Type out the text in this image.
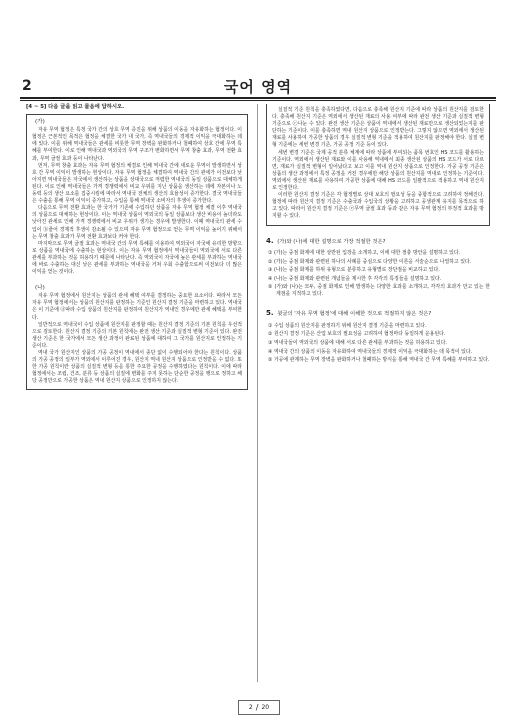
2	국어 영역
[4 ~ 5] 다음 글을 읽고 물음에 답하시오.
(가)

자유 무역 협정은 특정 국가 간의 상호 무역 증진을 위해 상품의 이동을 자유화하는 협정이다. 이 협정은 근본적인 목적은 협정을 체결한 국가 내 국가, 즉 역내국들의 경제적 이익을 극대화하는 데에 있다. 이를 위해 역내국들은 관세를 비롯한 무역 장벽을 완화하거나 철폐하여 상호 간에 무역 특혜를 부여한다. 이로 인해 역내국과 역외국의 무역 구조가 변화하면서 무역 창출 효과, 무역 전환 효과, 무역 굴절 효과 등이 나타난다.

먼저, 무역 창출 효과는 자유 무역 협정의 체결로 인해 역내국 간에 새로운 무역이 발생하면서 상호 간 무역 이익이 발생하는 현상이다. 자유 무역 협정을 체결하여 역내국 간의 관세가 이전보다 낮아지면 역내국들은 자국에서 생산하는 상품을 상대국으로 저렴한 역내국의 동일 상품으로 대체하게 된다. 이로 인해 역내국들은 가격 경쟁력에서 비교 우위를 지닌 상품을 생산하는 데에 자본이나 노동력 등의 생산 요소를 집중시킴에 따라서 역내국 전체의 생산의 효율성이 증가한다. 결국 역내국들은 수출을 통해 무역 이익이 증가하고, 수입을 통해 역내국 소비자의 후생이 증가한다.

다음으로 무역 전환 효과는 한 국가가 기존에 수입하던 상품을 자유 무역 협정 체결 이후 역내국의 상품으로 대체하는 현상이다. 이는 역내국 상품이 역외국의 동일 상품보다 생산 비용이 높더라도 낮아진 관세로 인해 가격 경쟁력에서 비교 우위가 생기는 경우에 발생한다. 이때 역내국의 관세 수입이 ⓑ줄어 경제적 후생이 감소될 수 있으며 자유 무역 협정으로 얻는 무역 이익을 높이기 위해서는 무역 창출 효과가 무역 전환 효과보다 커야 한다.

마지막으로 무역 굴절 효과는 역내국 간의 무역 특혜를 이용하여 역외국이 자국에 유리한 방향으로 상품을 역내국에 수출하는 현상이다. 이는 자유 무역 협정에서 역내국들이 역외국에 서로 다른 관세를 부과하는 것을 허용하기 때문에 나타난다. 즉 역외국이 자국에 높은 관세를 부과하는 역내국에 바로 수출하는 대신 낮은 관세를 부과하는 역내국을 거쳐 우회 수출함으로써 이전보다 더 많은 이익을 얻는 것이다.

(나)

자유 무역 협정에서 원산지는 상품의 관세 혜택 여부를 결정하는 중요한 요소이다. 따라서 모든 자유 무역 협정에서는 상품의 원산지를 판정하는 기준인 원산지 결정 기준을 마련하고 있다. 역내국은 이 기준에 ⓓ따라 수입 상품의 원산지를 판정하여 원산지가 역내인 경우에만 관세 혜택을 부여한다.

일반적으로 역내국이 수입 상품에 원산지를 판정할 때는 원산지 결정 기준의 기본 원칙을 우선적으로 검토한다. 원산지 결정 기준의 기본 원칙에는 완전 생산 기준과 실질적 변형 기준이 있다. 완전 생산 기준은 한 국가에서 모든 생산 과정이 완료된 상품에 대하여 그 국가를 원산지로 인정하는 기준이다.

역내 국가 원산지인 상품의 가공 공정이 역내에서 종단 없이 수행되어야 한다는 원칙이다. 상품의 가공 공정의 일부가 역외에서 이루어진 경우, 원산지 역내 원산지 상품으로 인정받을 수 없다. 또한 가공 원칙이란 상품의 실질적 변형 등을 통한 주요한 공정을 수행하였다는 원칙이다. 이에 따라 협정에서는 조립, 건조, 분류 등 상품의 실질에 변화를 주지 못하는 단순한 공정을 행으로 정하고 해당 공정만으로 가공한 상품은 역내 원산지 상품으로 인정하지 않는다.

실질적 기준 원칙을 충족하였다면, 다음으로 충족해 원산지 기준에 따라 상품의 원산지를 검토한다. 충족해 원산지 기준은 역외에서 생산된 재료의 사용 여부에 따라 완전 생산 기준과 실질적 변형 기준으로 ⓒ나눈 수 있다. 완전 생산 기준은 상품이 역내에서 생산된 재료만으로 생산되었는지를 판단하는 기준이다. 이를 충족하면 역내 원산지 상품으로 인정받는다. 그렇지 않으면 역외에서 생산된 재료를 사용하여 가공한 상품의 경우 실질적 변형 기준을 적용하여 원산지를 판정해야 한다. 실질 변형 기준에는 세번 변경 기준, 가공 공정 기준 등이 있다.

세번 변경 기준은 국제 공적 분류 체계에 따라 상품에 부여되는 품목 번호인 HS 코드를 활용하는 기준이다. 역외에서 생산된 재료와 이를 사용해 역내에서 최종 생산된 상품의 HS 코드가 서로 다르면, 재료가 실질적 변형이 일어났다고 보고 이를 역내 원산지 상품으로 인정한다. 가공 공정 기준은 상품의 생산 과정에서 특정 공정을 거친 경우에만 해당 상품의 원산지를 역내로 인정하는 기준이다. 역외에서 생산된 재료를 사용하여 가공한 상품에 대해 HS 코드를 일괄적으로 적용하고 역내 원산지로 인정한다.

이러한 원산지 결정 기준은 각 협정별로 상대 보호의 필요성 등을 종합적으로 고려하여 정해진다. 협정에 따라 원산지 결정 기준은 수출국과 수입국의 상황을 고려하고 공생관계 유지를 목적으로 하고 있다. 따라서 원산지 결정 기준은 ⓔ무역 굴절 효과 등과 같은 자유 무역 협정의 부정적 효과를 방지할 수 있다.

4. (가)와 (나)에 대한 설명으로 가장 적절한 것은?
① (가)는 중점 화제에 대한 상반된 입장을 소개하고, 이에 대한 절충 방안을 설명하고 있다.
② (가)는 중점 화제와 관련된 하나의 사례를 중심으로 다양한 이론을 서술순으로 나열하고 있다.
③ (나)는 중점 화제를 하위 유형으로 분류하고 유형별로 장단점을 비교하고 있다.
④ (나)는 중점 화제와 관련된 개념들을 제시한 후 각각의 특징들을 설명하고 있다.
⑤ (가)와 (나)는 모두, 중점 화제로 인해 발생하는 다양한 효과를 소개하고, 각각의 효과가 만고 있는 한계점을 지적하고 있다.
5. 윗글의 '자유 무역 협정'에 대해 이해한 것으로 적절하지 않은 것은?
① 수입 상품의 원산지를 판정하기 위해 원산지 결정 기준을 마련하고 있다.
② 원산지 결정 기준은 산업 보호의 필요성을 고려하여 협정마다 동일하게 운용된다.
③ 역내국들이 역외국의 상품에 대해 서로 다른 관세를 부과하는 것을 허용하고 있다.
④ 역내국 간의 상품의 이동을 자유화하여 역내국들의 경제적 이익을 극대화하는 데 목적이 있다.
⑤ 가공에 관계하는 무역 장벽을 완화하거나 철폐하는 방식을 통해 역내국 간 무역 특혜를 부여하고 있다.
2 / 20
